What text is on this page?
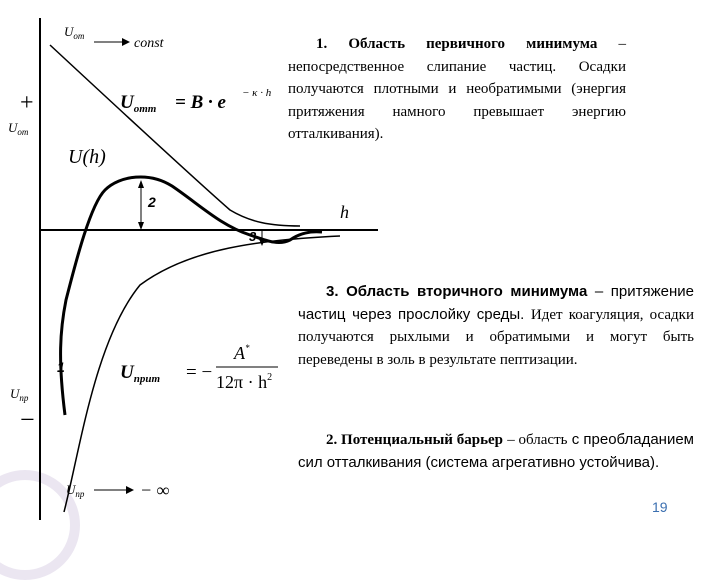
$U_{от}$	const
+
$U_{от}$
U(h)
h
$U_{пр}$
−
$U_{пр}$	− ∞
1
2
3
$U_{отт} = B \cdot e - \kappa \cdot h$
$U_{прит}$ = −
A*
$12\pi \cdot h^2$
1. Область первичного минимума – непосредственное слипание частиц. Осадки получаются плотными и необратимыми (энергия притяжения намного превышает энергию отталкивания).
3. Область вторичного минимума – притяжение частиц через прослойку среды. Идет коагуляция, осадки получаются рыхлыми и обратимыми и могут быть переведены в золь в результате пептизации.
2. Потенциальный барьер – область с преобладанием сил отталкивания (система агрегативно устойчива).
19
